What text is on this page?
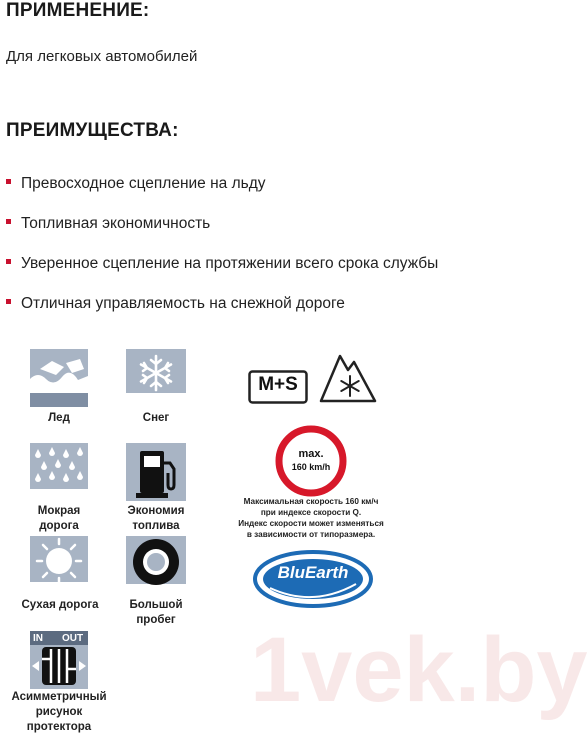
ПРИМЕНЕНИЕ:
Для легковых автомобилей
ПРЕИМУЩЕСТВА:
Превосходное сцепление на льду
Топливная экономичность
Уверенное сцепление на протяжении всего срока службы
Отличная управляемость на снежной дороге
1vek.by
Лед	Снег
M+S
Мокрая
дорога
Экономия
топлива
max.
160 km/h
Максимальная скорость 160 км/ч
при индексе скорости Q.
Индекс скорости может изменяться
в зависимости от типоразмера.
Сухая дорога	Большой
пробег
BluEarth
IN OUT
Асимметричный
рисунок
протектора
